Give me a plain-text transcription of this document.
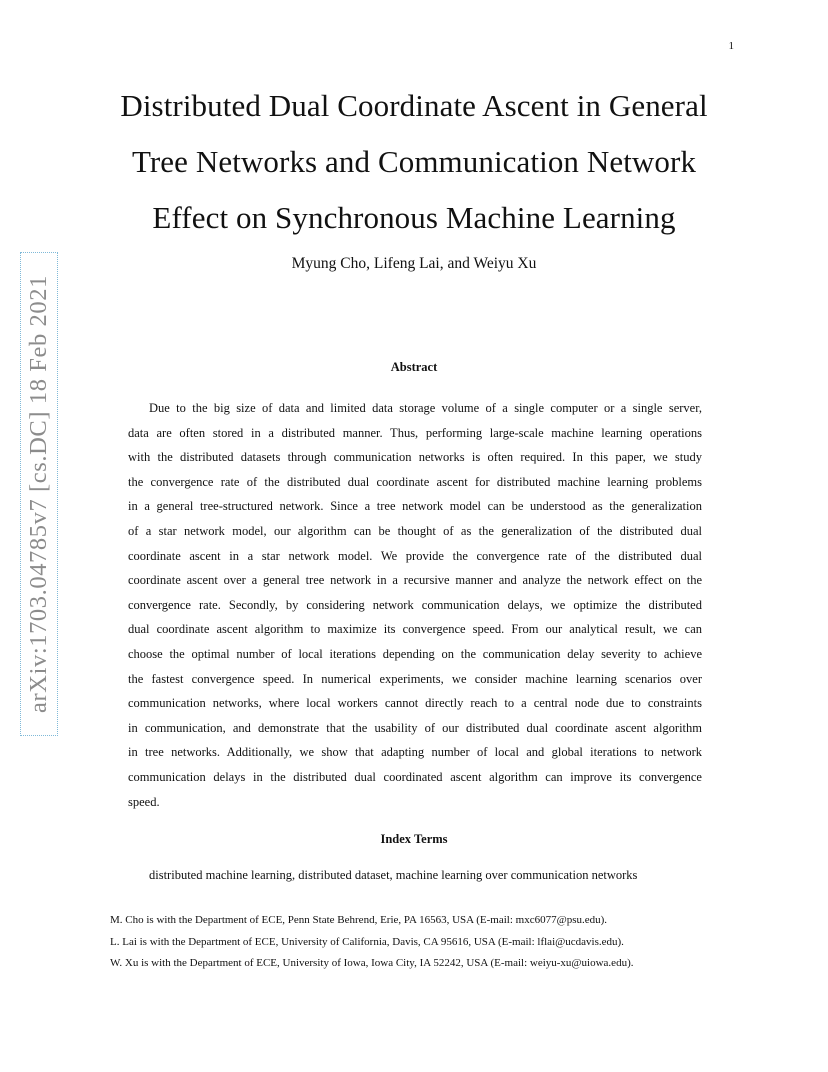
1
arXiv:1703.04785v7 [cs.DC] 18 Feb 2021
Distributed Dual Coordinate Ascent in General
Tree Networks and Communication Network
Effect on Synchronous Machine Learning
Myung Cho, Lifeng Lai, and Weiyu Xu
Abstract
Due to the big size of data and limited data storage volume of a single computer or a single server,
data are often stored in a distributed manner. Thus, performing large-scale machine learning operations
with the distributed datasets through communication networks is often required. In this paper, we study
the convergence rate of the distributed dual coordinate ascent for distributed machine learning problems
in a general tree-structured network. Since a tree network model can be understood as the generalization
of a star network model, our algorithm can be thought of as the generalization of the distributed dual
coordinate ascent in a star network model. We provide the convergence rate of the distributed dual
coordinate ascent over a general tree network in a recursive manner and analyze the network effect on the
convergence rate. Secondly, by considering network communication delays, we optimize the distributed
dual coordinate ascent algorithm to maximize its convergence speed. From our analytical result, we can
choose the optimal number of local iterations depending on the communication delay severity to achieve
the fastest convergence speed. In numerical experiments, we consider machine learning scenarios over
communication networks, where local workers cannot directly reach to a central node due to constraints
in communication, and demonstrate that the usability of our distributed dual coordinate ascent algorithm
in tree networks. Additionally, we show that adapting number of local and global iterations to network
communication delays in the distributed dual coordinated ascent algorithm can improve its convergence
speed.
Index Terms
distributed machine learning, distributed dataset, machine learning over communication networks
M. Cho is with the Department of ECE, Penn State Behrend, Erie, PA 16563, USA (E-mail: mxc6077@psu.edu).
L. Lai is with the Department of ECE, University of California, Davis, CA 95616, USA (E-mail: lflai@ucdavis.edu).
W. Xu is with the Department of ECE, University of Iowa, Iowa City, IA 52242, USA (E-mail: weiyu-xu@uiowa.edu).
